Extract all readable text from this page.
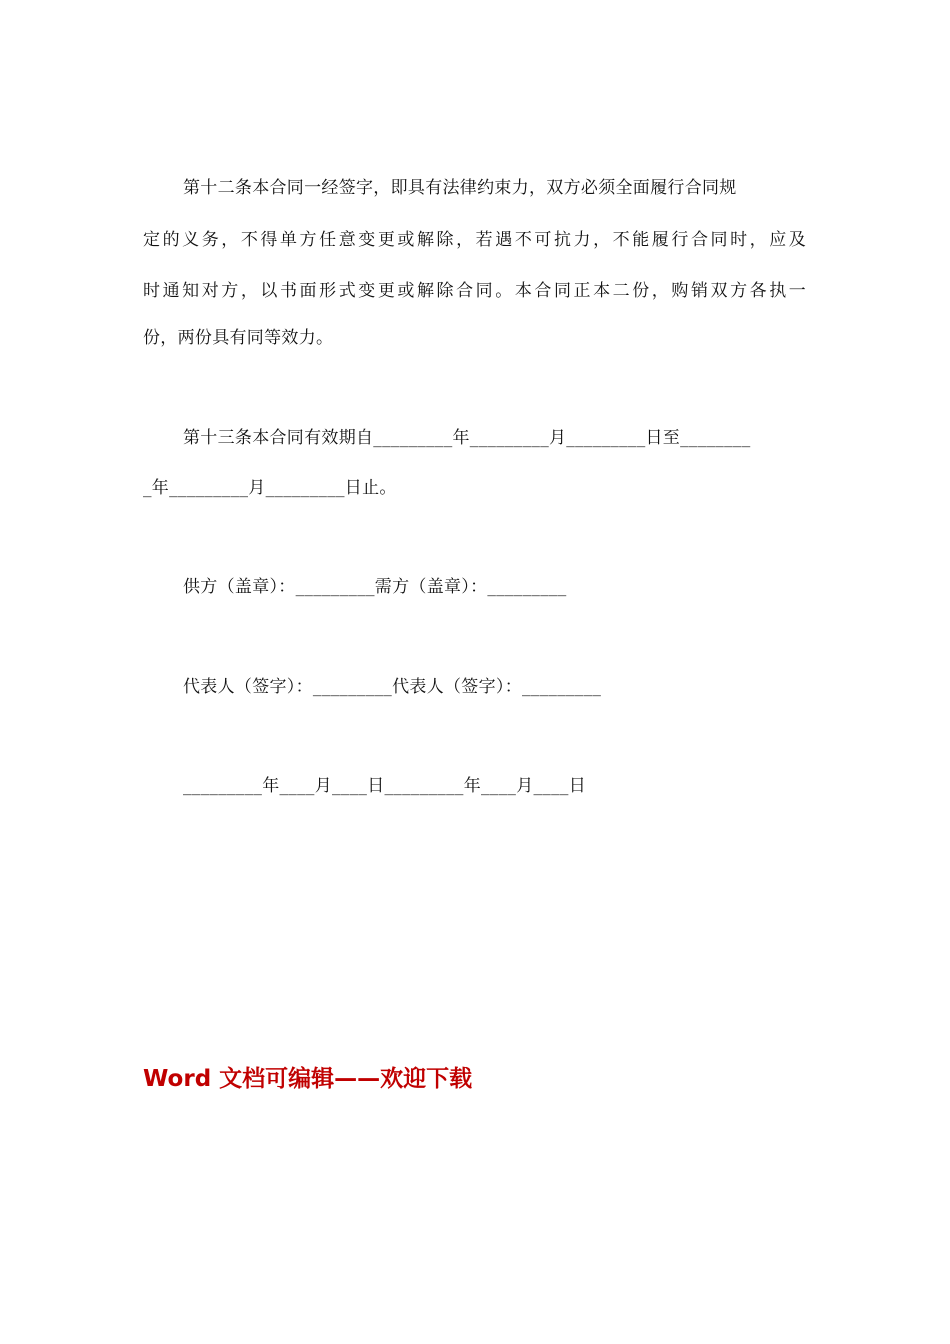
第十二条本合同一经签字，即具有法律约束力，双方必须全面履行合同规
定的义务，不得单方任意变更或解除，若遇不可抗力，不能履行合同时，应及
时通知对方，以书面形式变更或解除合同。本合同正本二份，购销双方各执一
份，两份具有同等效力。
第十三条本合同有效期自_________年_________月_________日至________
_年_________月_________日止。
供方（盖章）：_________需方（盖章）：_________
代表人（签字）：_________代表人（签字）：_________
_________年____月____日_________年____月____日
Word 文档可编辑——欢迎下载
